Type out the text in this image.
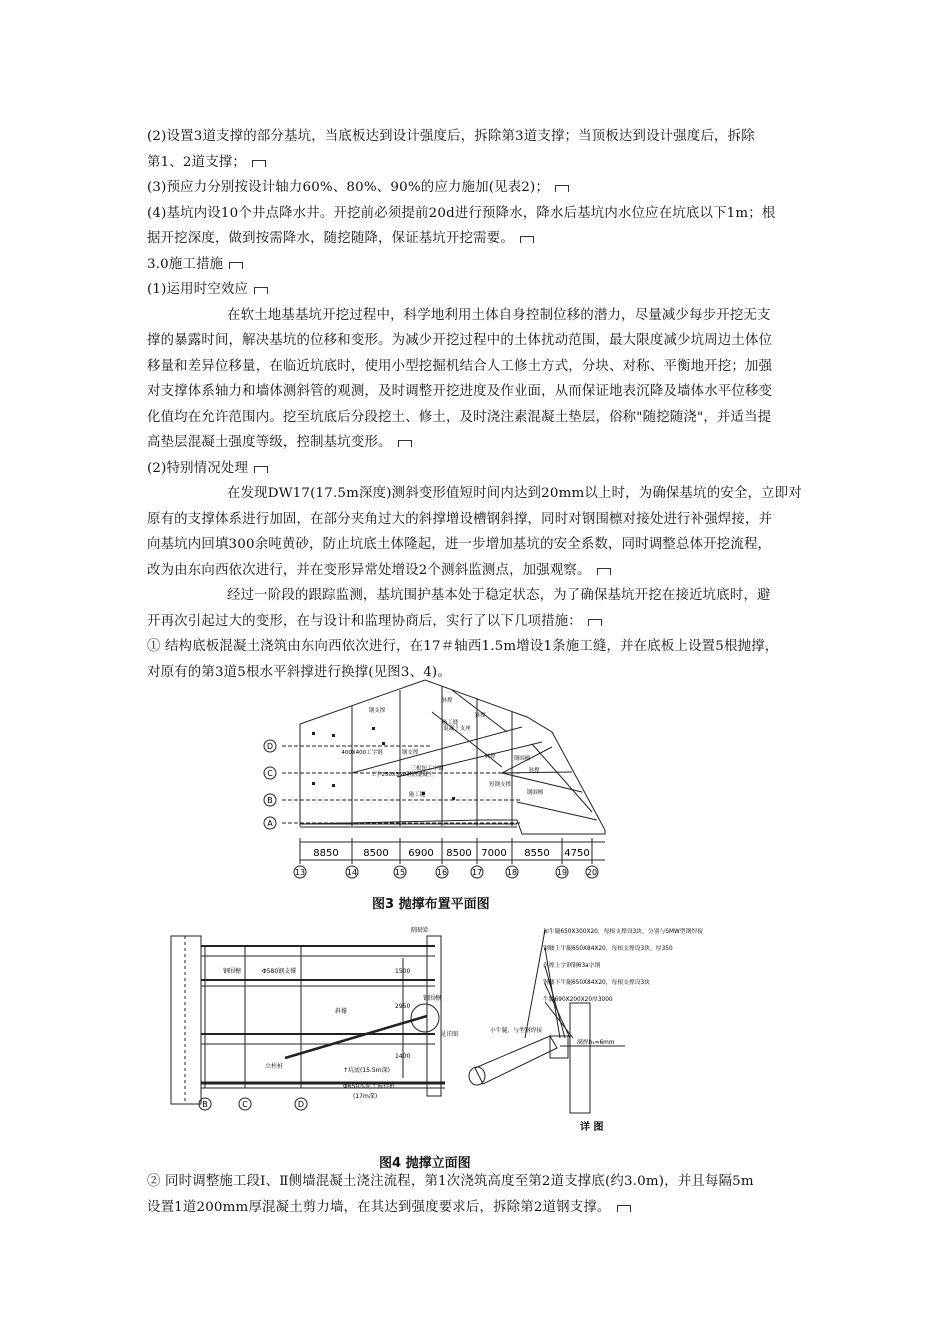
(2)设置3道支撑的部分基坑，当底板达到设计强度后，拆除第3道支撑；当顶板达到设计强度后，拆除
第1、2道支撑；
(3)预应力分别按设计轴力60%、80%、90%的应力施加(见表2)；
(4)基坑内设10个井点降水井。开挖前必须提前20d进行预降水，降水后基坑内水位应在坑底以下1m；根
据开挖深度，做到按需降水，随挖随降，保证基坑开挖需要。
3.0施工措施
(1)运用时空效应
在软土地基基坑开挖过程中，科学地利用土体自身控制位移的潜力，尽量减少每步开挖无支
撑的暴露时间，解决基坑的位移和变形。为减少开挖过程中的土体扰动范围，最大限度减少坑周边土体位
移量和差异位移量，在临近坑底时，使用小型挖掘机结合人工修土方式，分块、对称、平衡地开挖；加强
对支撑体系轴力和墙体测斜管的观测，及时调整开挖进度及作业面，从而保证地表沉降及墙体水平位移变
化值均在允许范围内。挖至坑底后分段挖土、修土，及时浇注素混凝土垫层，俗称"随挖随浇"，并适当提
高垫层混凝土强度等级，控制基坑变形。
(2)特别情况处理
在发现DW17(17.5m深度)测斜变形值短时间内达到20mm以上时，为确保基坑的安全，立即对
原有的支撑体系进行加固，在部分夹角过大的斜撑增设槽钢斜撑，同时对钢围檩对接处进行补强焊接，并
向基坑内回填300余吨黄砂，防止坑底土体隆起，进一步增加基坑的安全系数，同时调整总体开挖流程，
改为由东向西依次进行，并在变形异常处增设2个测斜监测点，加强观察。
经过一阶段的跟踪监测，基坑围护基本处于稳定状态，为了确保基坑开挖在接近坑底时，避
开再次引起过大的变形，在与设计和监理协商后，实行了以下几项措施：
① 结构底板混凝土浇筑由东向西依次进行，在17＃轴西1.5m增设1条施工缝，并在底板上设置5根抛撑，
对原有的第3道5根水平斜撑进行换撑(见图3、4)。
D
C
B
A
13	14	15	16	17	18	19 20
8850 8500 6900 8500 7000 8550 4750
钢支撑
斜撑
施工缝
混凝土支座
斜撑
400X400工字钢	钢支撑
斜撑
三根短工字钢
工字250X350钢筋混凝土
施工缝
钢围檩
斜撑
短钢支撑
钢围檩
图3 抛撑布置平面图
B	C	D
顶圈梁
钢围檩	Φ580钢支撑
斜撑
钢围檩
见详图
立柱桩
↑坑底(15.5m深)
Φ650水泥土搅拌桩
(17m深)
1500
2950
1400
加牛腿650X300X20，每根支撑设3块，分别与SMW型钢焊接
钢腰上牛腿650X84X20，每根支撑设3块，厚350
斜撑上字钢钢63a字钢
钢腰下牛腿650X84X20，每根支撑设3块
牛腿690X200X20厚3000
小牛腿，与型钢焊接
满焊h₁=6mm
详 图
图4 抛撑立面图
② 同时调整施工段Ⅰ、Ⅱ侧墙混凝土浇注流程，第1次浇筑高度至第2道支撑底(约3.0m)，并且每隔5m
设置1道200mm厚混凝土剪力墙，在其达到强度要求后，拆除第2道钢支撑。
